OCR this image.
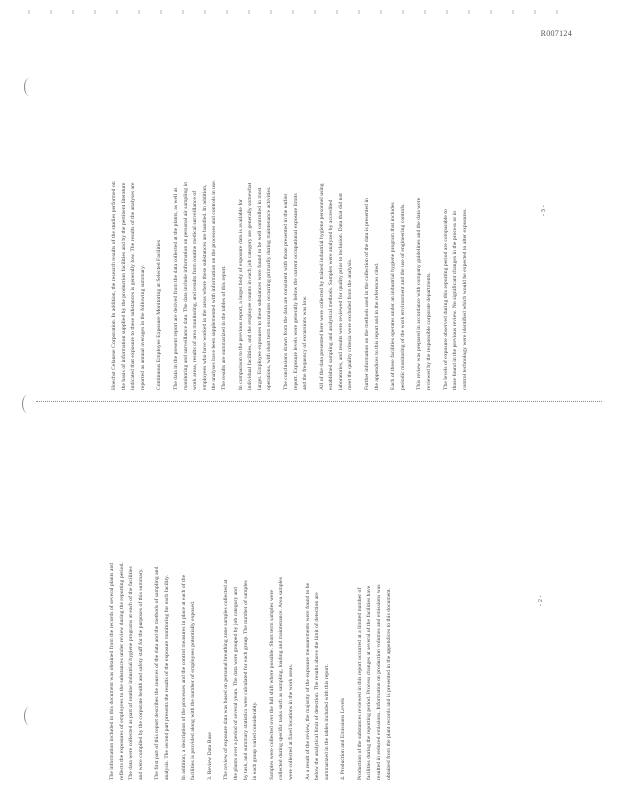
R007124
Hoechst Celanese Corporation. In addition, the research results of the studies performed on the basis of information supplied by the production facilities and by the pertinent literature indicated that exposure to these substances is generally low. The results of the analyses are reported as annual averages in the following summary.	Continuous Employee Exposure Monitoring at Selected Facilities	The data in the present report are derived from the data collected at the plants, as well as monitoring and surveillance data. The data include information on personal air sampling in work areas, results of area monitoring, and results from routine medical surveillance of employees who have worked in the areas where these substances are handled. In addition, the analyses have been supplemented with information on the processes and controls in use. The results are summarized in the tables of this report.	In comparison to the previous report, a larger body of exposure data is available for individual facilities, and the employee counts in each job category are generally somewhat larger. Employee exposures to these substances were found to be well controlled in most operations, with short term excursions occurring primarily during maintenance activities.	The conclusions drawn from the data are consistent with those presented in the earlier report. Exposure levels were generally below the current occupational exposure limits and the frequency of excursions was low.	All of the data presented here were collected by trained industrial hygiene personnel using established sampling and analytical methods. Samples were analyzed by accredited laboratories, and results were reviewed for quality prior to inclusion. Data that did not meet the quality criteria were excluded from the analysis.	Further information on the methods used in the collection of the data is presented in the appendices to this report and in the references cited.	Each of these facilities operates under an industrial hygiene program that includes periodic monitoring of the work environment and the use of engineering controls.	This review was prepared in accordance with company guidelines and the data were reviewed by the responsible corporate departments.	The levels of exposure observed during this reporting period are comparable to those found in the previous review. No significant changes in the process or in control technology were identified which would be expected to alter exposures.	- 3 -
The information included in this document was obtained from the records of several plants and reflects the exposures of employees to the substances under review during the reporting period. The data were collected as part of routine industrial hygiene programs at each of the facilities and were compiled by the corporate health and safety staff for the purposes of this summary.	The first part of this report describes the sources of the data and the methods of sampling and analysis. The second part presents the results of the exposure monitoring for each facility.	In addition, a description of the processes and the control measures in place at each of the facilities is provided along with the number of employees potentially exposed.	3. Review Data Base	The review of exposure data was based on personal breathing zone samples collected at the plants over a period of several years. The data were grouped by job category and by task, and summary statistics were calculated for each group. The number of samples in each group varied considerably.	Samples were collected over the full shift where possible. Short term samples were collected during specific tasks such as sampling, loading and maintenance. Area samples were collected at fixed locations in the work areas.	As a result of the review, the majority of the exposure measurements were found to be below the analytical limit of detection. The results above the limit of detection are summarized in the tables included with this report.	4. Production and Emissions Levels	Production of the substances reviewed in this report occurred at a limited number of facilities during the reporting period. Process changes at several of the facilities have resulted in reduced emissions. Information on production volumes and emissions was obtained from the plant records and is presented in the appendices to this document.	- 2 -
